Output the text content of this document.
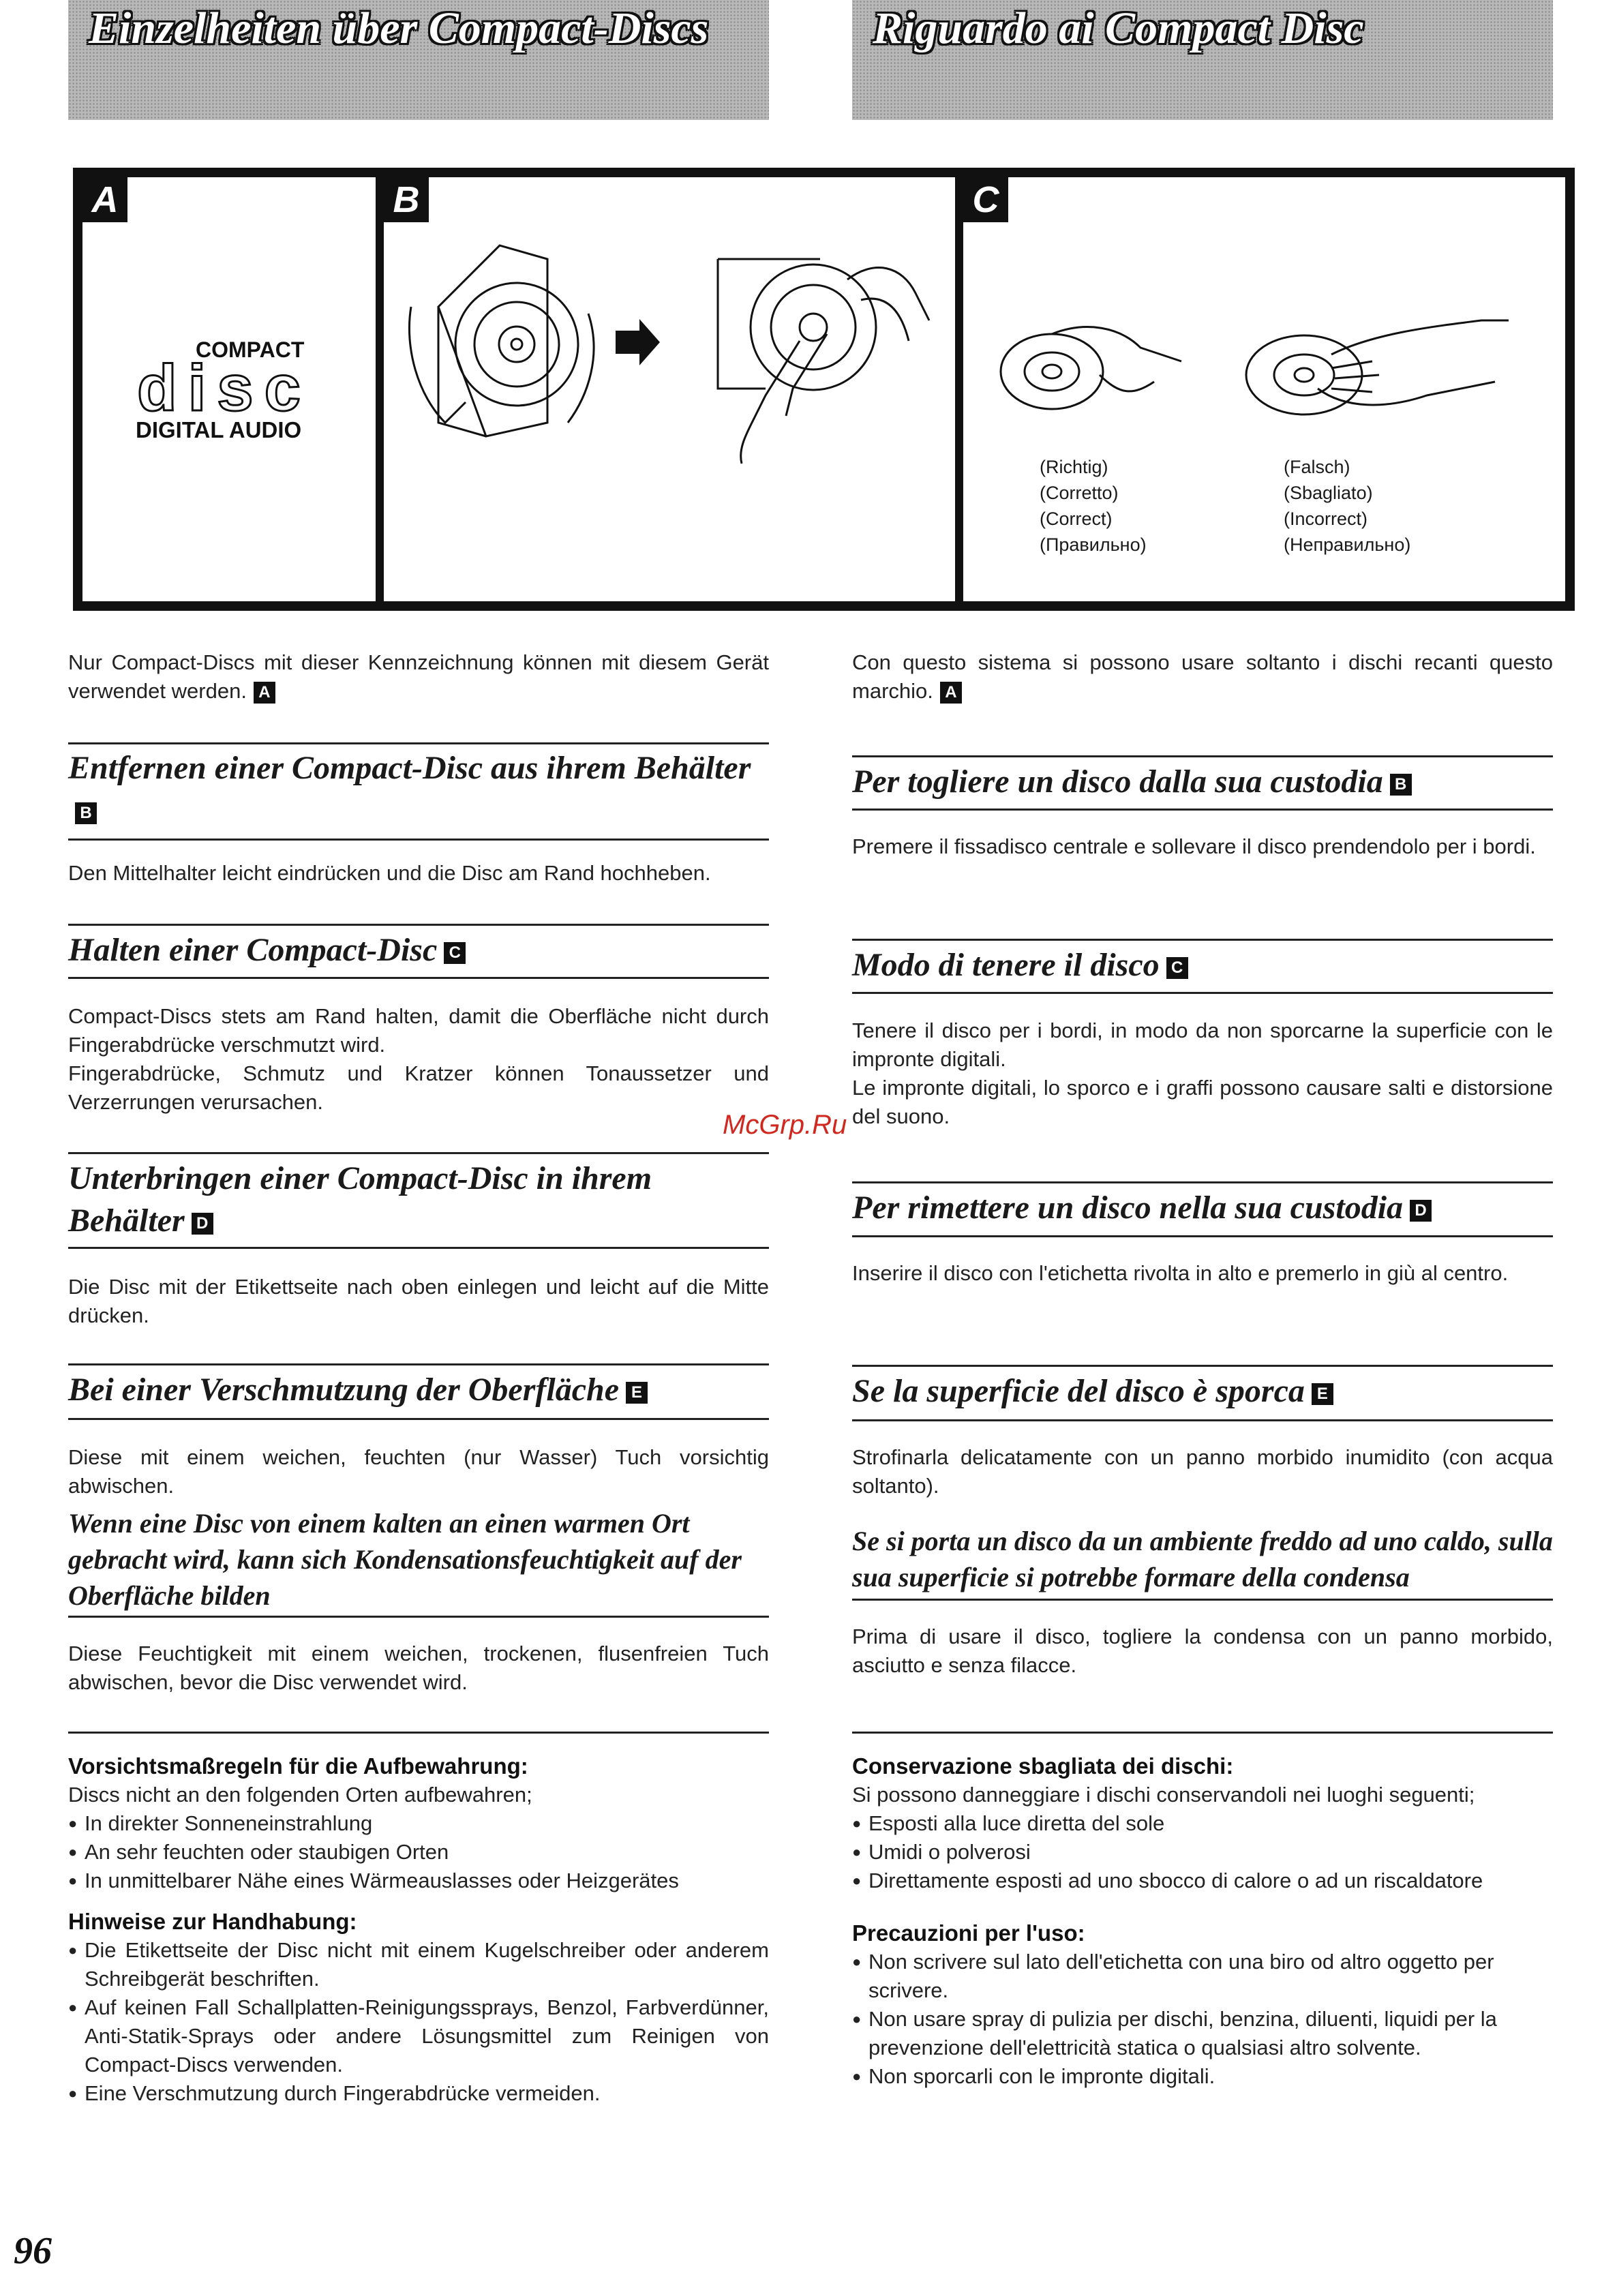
Einzelheiten über Compact-Discs	Riguardo ai Compact Disc
A
COMPACT
disc
DIGITAL AUDIO
B	C
(Richtig)
(Corretto)
(Correct)
(Правильно)
(Falsch)
(Sbagliato)
(Incorrect)
(Неправильно)
Nur Compact-Discs mit dieser Kennzeichnung können mit diesem Gerät verwendet werden. A
Entfernen einer Compact-Disc aus ihrem BehälterB
Den Mittelhalter leicht eindrücken und die Disc am Rand hochheben.
Halten einer Compact-Disc C
Compact-Discs stets am Rand halten, damit die Oberfläche nicht durch Fingerabdrücke verschmutzt wird.
Fingerabdrücke, Schmutz und Kratzer können Tonaussetzer und Verzerrungen verursachen.
Unterbringen einer Compact-Disc in ihrem Behälter D
Die Disc mit der Etikettseite nach oben einlegen und leicht auf die Mitte drücken.
Bei einer Verschmutzung der Oberfläche E
Diese mit einem weichen, feuchten (nur Wasser) Tuch vorsichtig abwischen.
Wenn eine Disc von einem kalten an einen warmen Ort gebracht wird, kann sich Kondensationsfeuchtigkeit auf der Oberfläche bilden
Diese Feuchtigkeit mit einem weichen, trockenen, flusenfreien Tuch abwischen, bevor die Disc verwendet wird.
Vorsichtsmaßregeln für die Aufbewahrung:
Discs nicht an den folgenden Orten aufbewahren;
● In direkter Sonneneinstrahlung
● An sehr feuchten oder staubigen Orten
● In unmittelbarer Nähe eines Wärmeauslasses oder Heizgerätes
Hinweise zur Handhabung:
● Die Etikettseite der Disc nicht mit einem Kugelschreiber oder anderem Schreibgerät beschriften.
● Auf keinen Fall Schallplatten-Reinigungssprays, Benzol, Farbverdünner, Anti-Statik-Sprays oder andere Lösungsmittel zum Reinigen von Compact-Discs verwenden.
● Eine Verschmutzung durch Fingerabdrücke vermeiden.
Con questo sistema si possono usare soltanto i dischi recanti questo marchio. A
Per togliere un disco dalla sua custodia B
Premere il fissadisco centrale e sollevare il disco prendendolo per i bordi.
Modo di tenere il disco C
Tenere il disco per i bordi, in modo da non sporcarne la superficie con le impronte digitali.
Le impronte digitali, lo sporco e i graffi possono causare salti e distorsione del suono.
Per rimettere un disco nella sua custodia D
Inserire il disco con l'etichetta rivolta in alto e premerlo in giù al centro.
Se la superficie del disco è sporca E
Strofinarla delicatamente con un panno morbido inumidito (con acqua soltanto).
Se si porta un disco da un ambiente freddo ad uno caldo, sulla sua superficie si potrebbe formare della condensa
Prima di usare il disco, togliere la condensa con un panno morbido, asciutto e senza filacce.
Conservazione sbagliata dei dischi:
Si possono danneggiare i dischi conservandoli nei luoghi seguenti;
● Esposti alla luce diretta del sole
● Umidi o polverosi
● Direttamente esposti ad uno sbocco di calore o ad un riscaldatore
Precauzioni per l'uso:
● Non scrivere sul lato dell'etichetta con una biro od altro oggetto per scrivere.
● Non usare spray di pulizia per dischi, benzina, diluenti, liquidi per la prevenzione dell'elettricità statica o qualsiasi altro solvente.
● Non sporcarli con le impronte digitali.
McGrp.Ru
96
